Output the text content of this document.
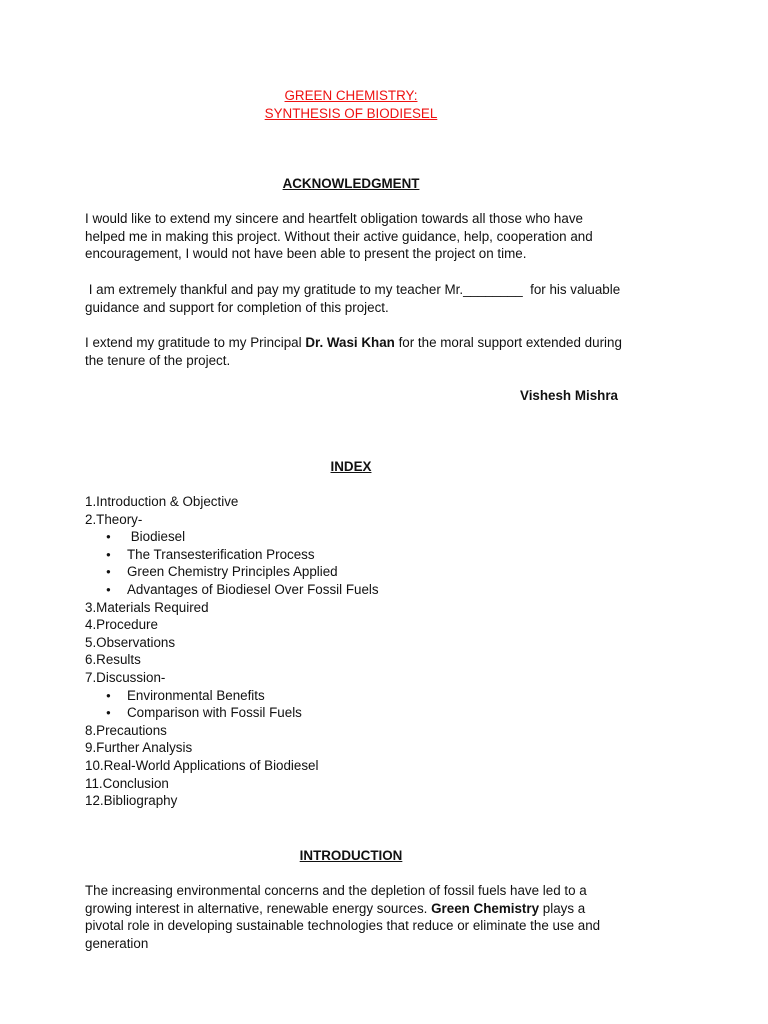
GREEN CHEMISTRY:
SYNTHESIS OF BIODIESEL
ACKNOWLEDGMENT
I would like to extend my sincere and heartfelt obligation towards all those who have helped me in making this project. Without their active guidance, help, cooperation and encouragement, I would not have been able to present the project on time.
I am extremely thankful and pay my gratitude to my teacher Mr.________  for his valuable guidance and support for completion of this project.
I extend my gratitude to my Principal Dr. Wasi Khan for the moral support extended during the tenure of the project.
Vishesh Mishra
INDEX
1.Introduction & Objective
2.Theory-
● Biodiesel
● The Transesterification Process
● Green Chemistry Principles Applied
● Advantages of Biodiesel Over Fossil Fuels
3.Materials Required
4.Procedure
5.Observations
6.Results
7.Discussion-
● Environmental Benefits
● Comparison with Fossil Fuels
8.Precautions
9.Further Analysis
10.Real-World Applications of Biodiesel
11.Conclusion
12.Bibliography
INTRODUCTION
The increasing environmental concerns and the depletion of fossil fuels have led to a growing interest in alternative, renewable energy sources. Green Chemistry plays a pivotal role in developing sustainable technologies that reduce or eliminate the use and generation
